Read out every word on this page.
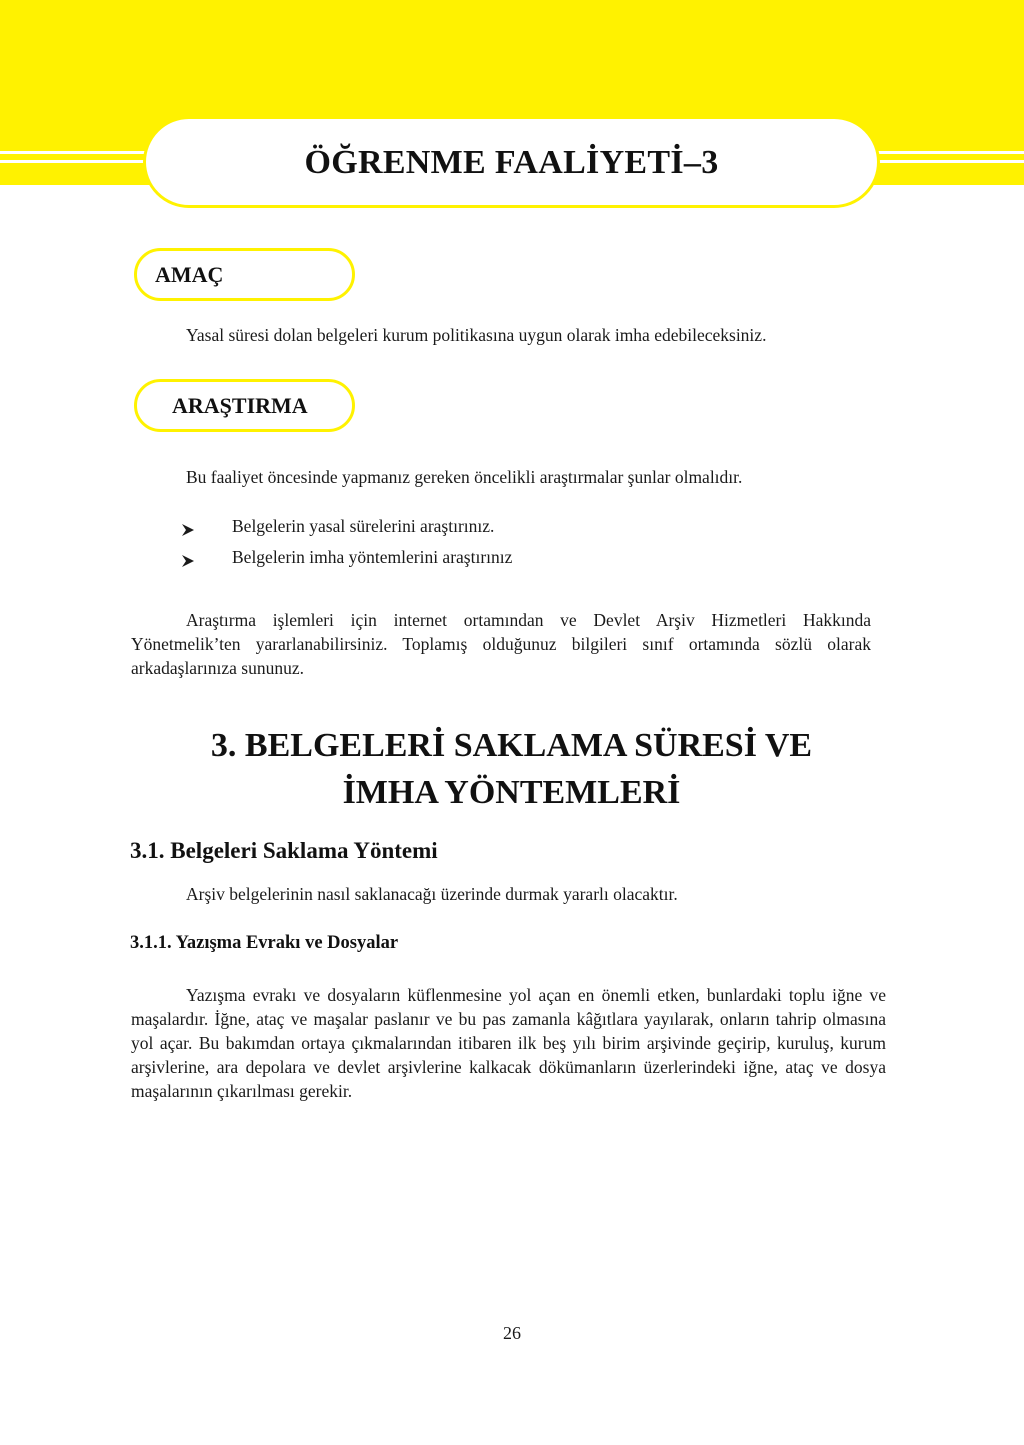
ÖĞRENME FAALİYETİ–3
AMAÇ
Yasal süresi dolan belgeleri kurum politikasına uygun olarak imha edebileceksiniz.
ARAŞTIRMA
Bu faaliyet öncesinde yapmanız gereken öncelikli araştırmalar şunlar olmalıdır.
Belgelerin yasal sürelerini araştırınız.
Belgelerin imha yöntemlerini araştırınız
Araştırma işlemleri için internet ortamından ve Devlet Arşiv Hizmetleri Hakkında Yönetmelik’ten yararlanabilirsiniz. Toplamış olduğunuz bilgileri sınıf ortamında sözlü olarak arkadaşlarınıza sununuz.
3. BELGELERİ SAKLAMA SÜRESİ VE
İMHA YÖNTEMLERİ
3.1. Belgeleri Saklama Yöntemi
Arşiv belgelerinin nasıl saklanacağı üzerinde durmak yararlı olacaktır.
3.1.1. Yazışma Evrakı ve Dosyalar
Yazışma evrakı ve dosyaların küflenmesine yol açan en önemli etken, bunlardaki toplu iğne ve maşalardır. İğne, ataç ve maşalar paslanır ve bu pas zamanla kâğıtlara yayılarak, onların tahrip olmasına yol açar. Bu bakımdan ortaya çıkmalarından itibaren ilk beş yılı birim arşivinde geçirip, kuruluş, kurum arşivlerine, ara depolara ve devlet arşivlerine kalkacak dökümanların üzerlerindeki iğne, ataç ve dosya maşalarının çıkarılması gerekir.
26
